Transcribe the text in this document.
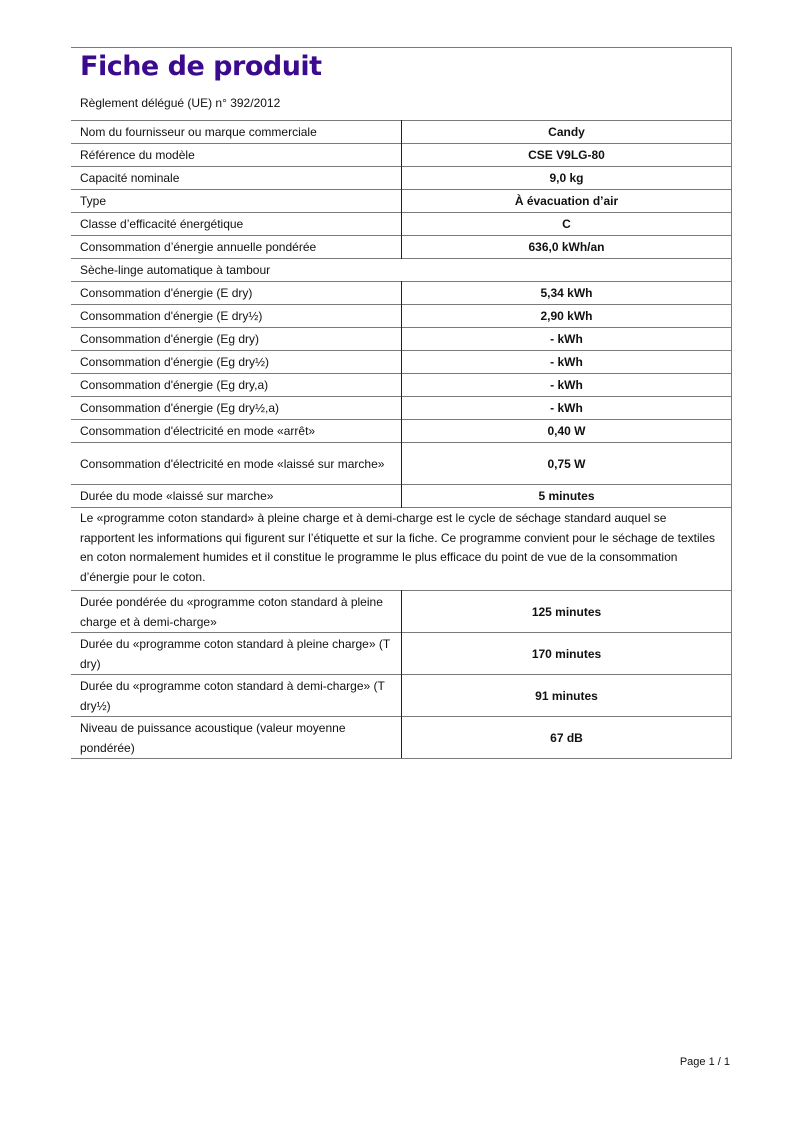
Fiche de produit
Règlement délégué (UE) n° 392/2012
Nom du fournisseur ou marque commerciale	Candy
Référence du modèle	CSE V9LG-80
Capacité nominale	9,0 kg
Type	À évacuation d’air
Classe d’efficacité énergétique	C
Consommation d’énergie annuelle pondérée	636,0 kWh/an
Sèche-linge automatique à tambour	
Consommation d'énergie (E dry)	5,34 kWh
Consommation d'énergie (E dry½)	2,90 kWh
Consommation d'énergie (Eg dry)	- kWh
Consommation d'énergie (Eg dry½)	- kWh
Consommation d'énergie (Eg dry,a)	- kWh
Consommation d'énergie (Eg dry½,a)	- kWh
Consommation d'électricité en mode «arrêt»	0,40 W
Consommation d'électricité en mode «laissé sur marche»	0,75 W
Durée du mode «laissé sur marche»	5 minutes
Le «programme coton standard» à pleine charge et à demi-charge est le cycle de séchage standard auquel se rapportent les informations qui figurent sur l’étiquette et sur la fiche. Ce programme convient pour le séchage de textiles en coton normalement humides et il constitue le programme le plus efficace du point de vue de la consommation d’énergie pour le coton.	
Durée pondérée du «programme coton standard à pleine charge et à demi-charge»	125 minutes
Durée du «programme coton standard à pleine charge» (T dry)	170 minutes
Durée du «programme coton standard à demi-charge» (T dry½)	91 minutes
Niveau de puissance acoustique (valeur moyenne pondérée)	67 dB
Page 1 / 1
